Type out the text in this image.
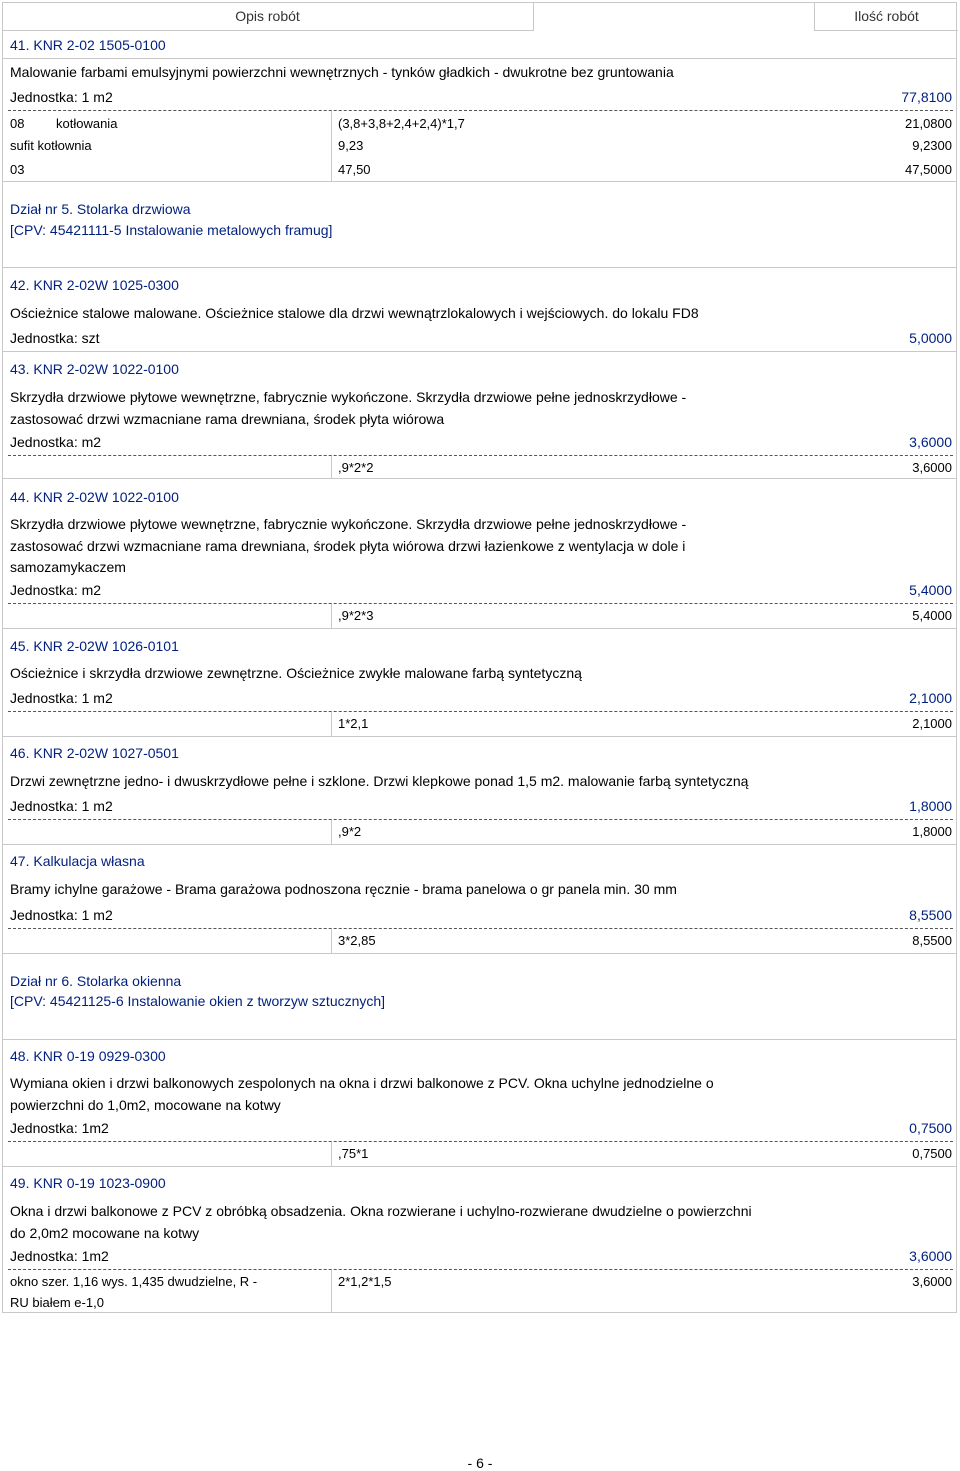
Opis robót	Ilość robót
41. KNR 2-02 1505-0100
Malowanie farbami emulsyjnymi powierzchni wewnętrznych - tynków gładkich - dwukrotne bez gruntowania
Jednostka: 1 m2	77,8100
08 kotłowania	(3,8+3,8+2,4+2,4)*1,7	21,0800
sufit kotłownia	9,23	9,2300
03	47,50	47,5000
Dział nr 5. Stolarka drzwiowa
[CPV: 45421111-5 Instalowanie metalowych framug]
42. KNR 2-02W 1025-0300
Ościeżnice stalowe malowane. Ościeżnice stalowe dla drzwi wewnątrzlokalowych i wejściowych. do lokalu FD8
Jednostka: szt	5,0000
43. KNR 2-02W 1022-0100
Skrzydła drzwiowe płytowe wewnętrzne, fabrycznie wykończone. Skrzydła drzwiowe pełne jednoskrzydłowe -
zastosować drzwi wzmacniane rama drewniana, środek płyta wiórowa
Jednostka: m2	3,6000
,9*2*2	3,6000
44. KNR 2-02W 1022-0100
Skrzydła drzwiowe płytowe wewnętrzne, fabrycznie wykończone. Skrzydła drzwiowe pełne jednoskrzydłowe -
zastosować drzwi wzmacniane rama drewniana, środek płyta wiórowa drzwi łazienkowe z wentylacja w dole i
samozamykaczem
Jednostka: m2	5,4000
,9*2*3	5,4000
45. KNR 2-02W 1026-0101
Ościeżnice i skrzydła drzwiowe zewnętrzne. Ościeżnice zwykłe malowane farbą syntetyczną
Jednostka: 1 m2	2,1000
1*2,1	2,1000
46. KNR 2-02W 1027-0501
Drzwi zewnętrzne jedno- i dwuskrzydłowe pełne i szklone. Drzwi klepkowe ponad 1,5 m2. malowanie farbą syntetyczną
Jednostka: 1 m2	1,8000
,9*2	1,8000
47. Kalkulacja własna
Bramy ichylne garażowe - Brama garażowa podnoszona ręcznie - brama panelowa o gr panela min. 30 mm
Jednostka: 1 m2	8,5500
3*2,85	8,5500
Dział nr 6. Stolarka okienna
[CPV: 45421125-6 Instalowanie okien z tworzyw sztucznych]
48. KNR 0-19 0929-0300
Wymiana okien i drzwi balkonowych zespolonych na okna i drzwi balkonowe z PCV. Okna uchylne jednodzielne o
powierzchni do 1,0m2, mocowane na kotwy
Jednostka: 1m2	0,7500
,75*1	0,7500
49. KNR 0-19 1023-0900
Okna i drzwi balkonowe z PCV z obróbką obsadzenia. Okna rozwierane i uchylno-rozwierane dwudzielne o powierzchni
do 2,0m2 mocowane na kotwy
Jednostka: 1m2	3,6000
okno szer. 1,16 wys. 1,435 dwudzielne, R -
RU białem e-1,0
2*1,2*1,5	3,6000
- 6 -
